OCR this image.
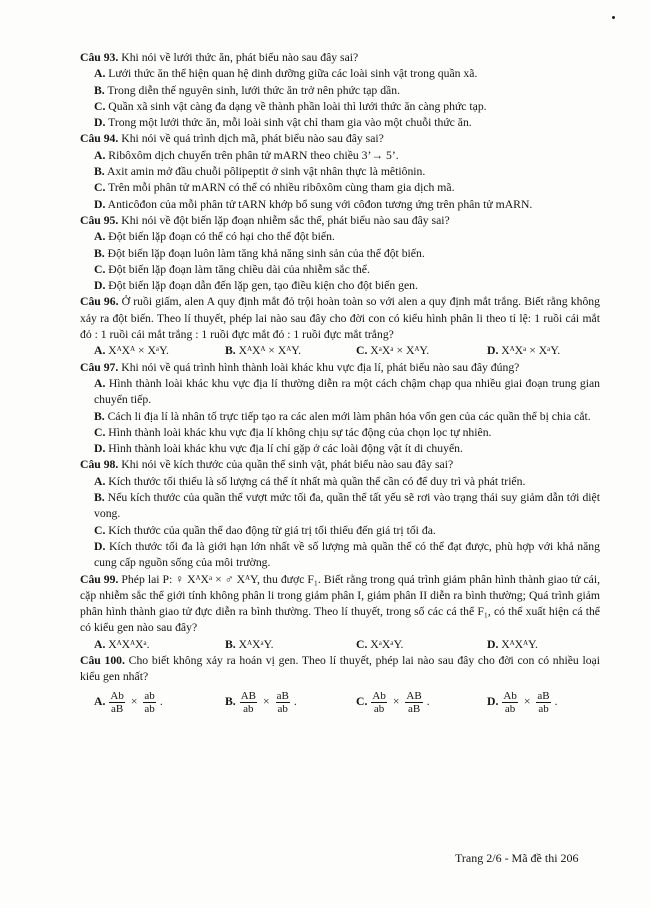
Câu 93. Khi nói về lưới thức ăn, phát biểu nào sau đây sai?

A. Lưới thức ăn thể hiện quan hệ dinh dưỡng giữa các loài sinh vật trong quần xã.

B. Trong diễn thế nguyên sinh, lưới thức ăn trở nên phức tạp dần.

C. Quần xã sinh vật càng đa dạng về thành phần loài thì lưới thức ăn càng phức tạp.

D. Trong một lưới thức ăn, mỗi loài sinh vật chỉ tham gia vào một chuỗi thức ăn.

Câu 94. Khi nói về quá trình dịch mã, phát biểu nào sau đây sai?

A. Ribôxôm dịch chuyển trên phân tử mARN theo chiều 3’→ 5’.

B. Axit amin mở đầu chuỗi pôlipeptit ở sinh vật nhân thực là mêtiônin.

C. Trên mỗi phân tử mARN có thể có nhiều ribôxôm cùng tham gia dịch mã.

D. Anticôđon của mỗi phân tử tARN khớp bổ sung với côđon tương ứng trên phân tử mARN.

Câu 95. Khi nói về đột biến lặp đoạn nhiễm sắc thể, phát biểu nào sau đây sai?

A. Đột biến lặp đoạn có thể có hại cho thể đột biến.

B. Đột biến lặp đoạn luôn làm tăng khả năng sinh sản của thể đột biến.

C. Đột biến lặp đoạn làm tăng chiều dài của nhiễm sắc thể.

D. Đột biến lặp đoạn dẫn đến lặp gen, tạo điều kiện cho đột biến gen.

Câu 96. Ở ruồi giấm, alen A quy định mắt đỏ trội hoàn toàn so với alen a quy định mắt trắng. Biết rằng không xảy ra đột biến. Theo lí thuyết, phép lai nào sau đây cho đời con có kiểu hình phân li theo tỉ lệ: 1 ruồi cái mắt đỏ : 1 ruồi cái mắt trắng : 1 ruồi đực mắt đỏ : 1 ruồi đực mắt trắng?

A. XᴬXᴬ × XᵃY.	B. XᴬXᴬ × XᴬY.	C. XᵃXᵃ × XᴬY.	D. XᴬXᵃ × XᵃY.

Câu 97. Khi nói về quá trình hình thành loài khác khu vực địa lí, phát biểu nào sau đây đúng?

A. Hình thành loài khác khu vực địa lí thường diễn ra một cách chậm chạp qua nhiều giai đoạn trung gian chuyển tiếp.

B. Cách li địa lí là nhân tố trực tiếp tạo ra các alen mới làm phân hóa vốn gen của các quần thể bị chia cắt.

C. Hình thành loài khác khu vực địa lí không chịu sự tác động của chọn lọc tự nhiên.

D. Hình thành loài khác khu vực địa lí chỉ gặp ở các loài động vật ít di chuyển.

Câu 98. Khi nói về kích thước của quần thể sinh vật, phát biểu nào sau đây sai?

A. Kích thước tối thiểu là số lượng cá thể ít nhất mà quần thể cần có để duy trì và phát triển.

B. Nếu kích thước của quần thể vượt mức tối đa, quần thể tất yếu sẽ rơi vào trạng thái suy giảm dẫn tới diệt vong.

C. Kích thước của quần thể dao động từ giá trị tối thiểu đến giá trị tối đa.

D. Kích thước tối đa là giới hạn lớn nhất về số lượng mà quần thể có thể đạt được, phù hợp với khả năng cung cấp nguồn sống của môi trường.

Câu 99. Phép lai P: ♀ XᴬXᵃ × ♂ XᴬY, thu được F₁. Biết rằng trong quá trình giảm phân hình thành giao tử cái, cặp nhiễm sắc thể giới tính không phân li trong giảm phân I, giảm phân II diễn ra bình thường; Quá trình giảm phân hình thành giao tử đực diễn ra bình thường. Theo lí thuyết, trong số các cá thể F₁, có thể xuất hiện cá thể có kiểu gen nào sau đây?

A. XᴬXᴬXᵃ.	B. XᴬXᵃY.	C. XᵃXᵃY.	D. XᴬXᴬY.

Câu 100. Cho biết không xảy ra hoán vị gen. Theo lí thuyết, phép lai nào sau đây cho đời con có nhiều loại kiểu gen nhất?

A. $\frac{Ab}{aB} \times \frac{ab}{ab}$ .	B. $\frac{AB}{ab} \times \frac{aB}{ab}$ .	C. $\frac{Ab}{ab} \times \frac{AB}{aB}$ .	D. $\frac{Ab}{ab} \times \frac{aB}{ab}$ .
Trang 2/6 - Mã đề thi 206
